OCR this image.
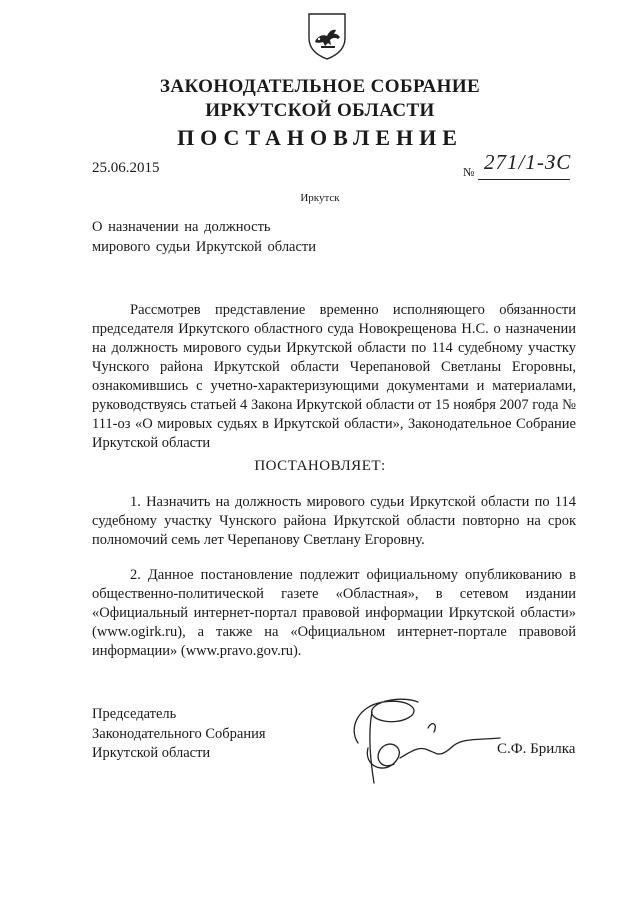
ЗАКОНОДАТЕЛЬНОЕ СОБРАНИЕ
ИРКУТСКОЙ ОБЛАСТИ
ПОСТАНОВЛЕНИЕ
25.06.2015	№ 271/1-ЗС
Иркутск
О назначении на должность мирового судьи Иркутской области

Рассмотрев представление временно исполняющего обязанности председателя Иркутского областного суда Новокрещенова Н.С. о назначении на должность мирового судьи Иркутской области по 114 судебному участку Чунского района Иркутской области Черепановой Светланы Егоровны, ознакомившись с учетно-характеризующими документами и материалами, руководствуясь статьей 4 Закона Иркутской области от 15 ноября 2007 года № 111-оз «О мировых судьях в Иркутской области», Законодательное Собрание Иркутской области

ПОСТАНОВЛЯЕТ:

1. Назначить на должность мирового судьи Иркутской области по 114 судебному участку Чунского района Иркутской области повторно на срок полномочий семь лет Черепанову Светлану Егоровну.

2. Данное постановление подлежит официальному опубликованию в общественно-политической газете «Областная», в сетевом издании «Официальный интернет-портал правовой информации Иркутской области» (www.ogirk.ru), а также на «Официальном интернет-портале правовой информации» (www.pravo.gov.ru).

Председатель
Законодательного Собрания
Иркутской области	С.Ф. Брилка
